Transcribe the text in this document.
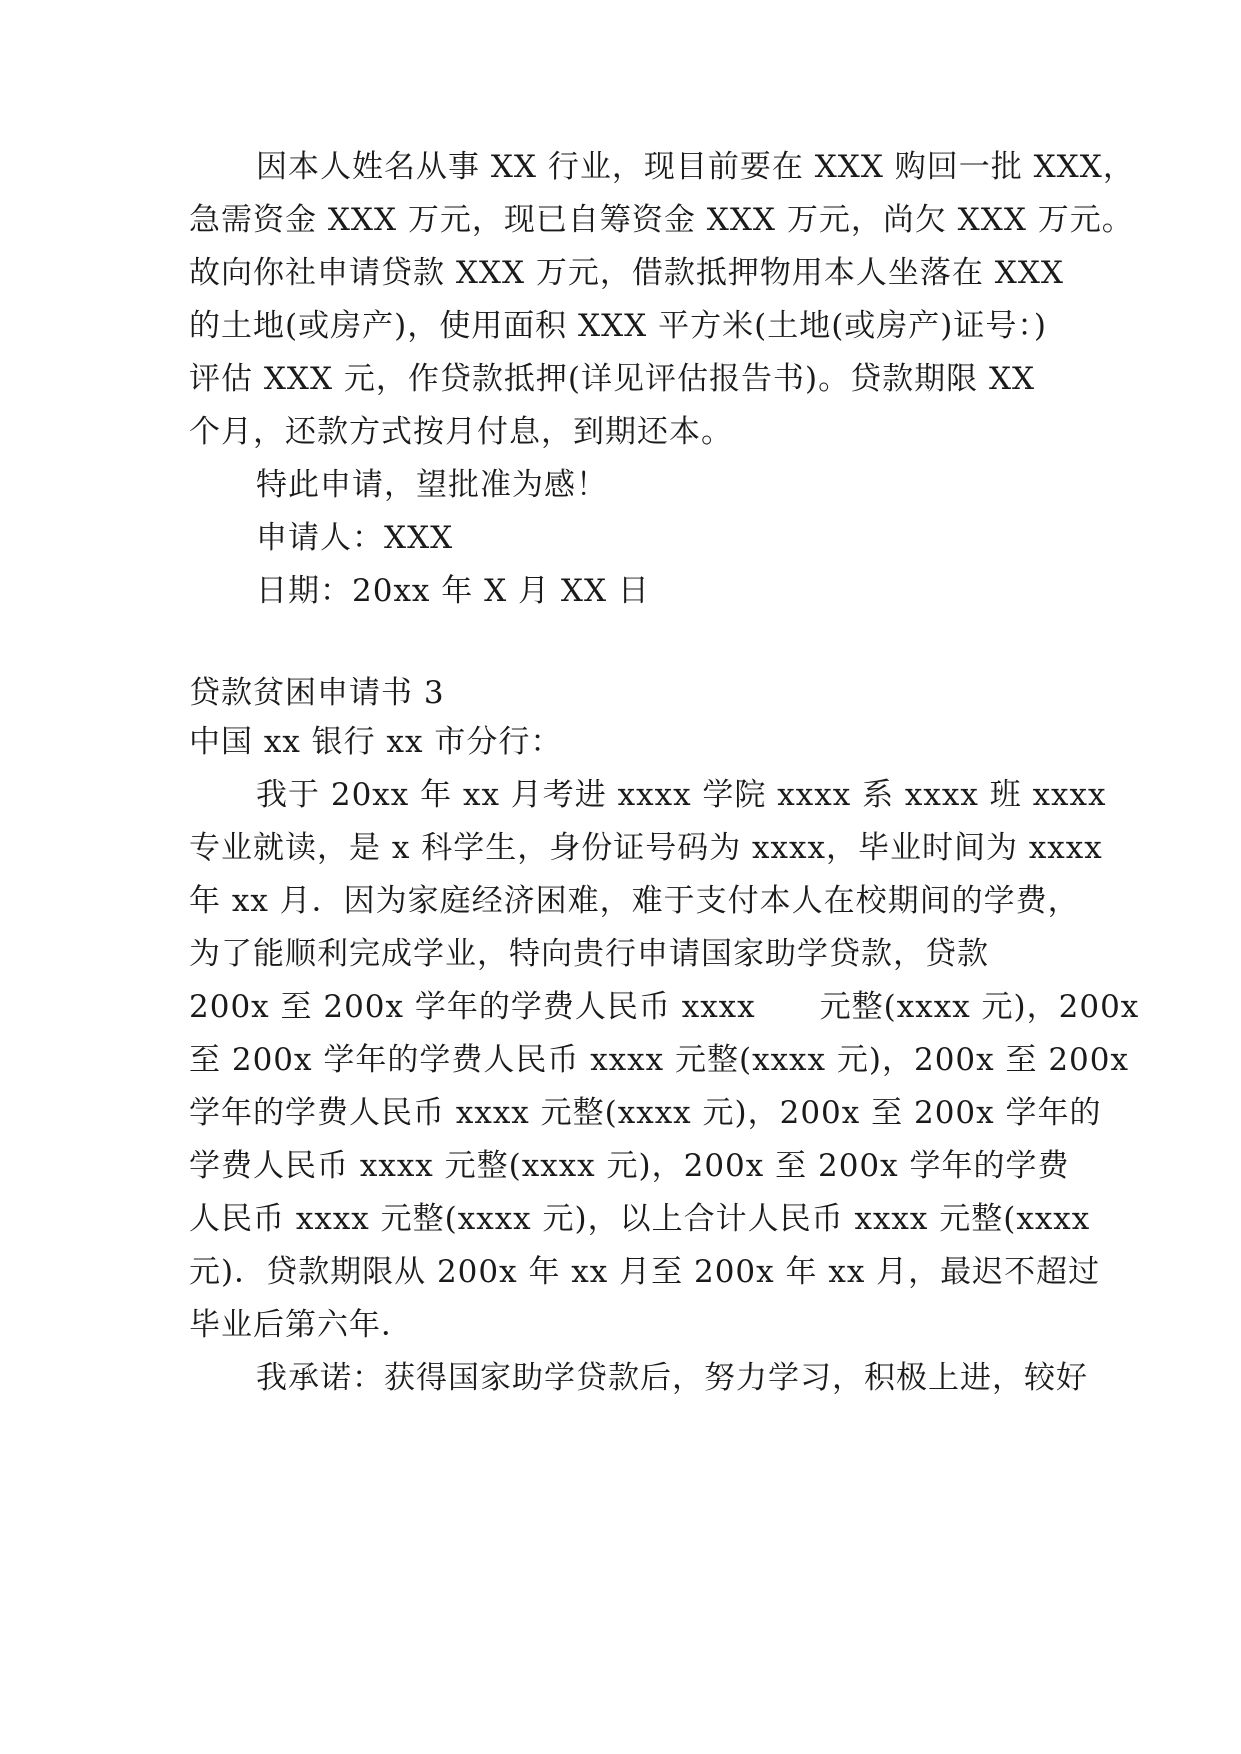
因本人姓名从事 XX 行业，现目前要在 XXX 购回一批 XXX，
急需资金 XXX 万元，现已自筹资金 XXX 万元，尚欠 XXX 万元。
故向你社申请贷款 XXX 万元，借款抵押物用本人坐落在 XXX
的土地(或房产)，使用面积 XXX 平方米(土地(或房产)证号：)
评估 XXX 元，作贷款抵押(详见评估报告书)。贷款期限 XX
个月，还款方式按月付息，到期还本。
特此申请，望批准为感！
申请人：XXX
日期：20xx 年 X 月 XX 日
贷款贫困申请书 3
中国 xx 银行 xx 市分行：
我于 20xx 年 xx 月考进 xxxx 学院 xxxx 系 xxxx 班 xxxx
专业就读，是 x 科学生，身份证号码为 xxxx，毕业时间为 xxxx
年 xx 月．因为家庭经济困难，难于支付本人在校期间的学费，
为了能顺利完成学业，特向贵行申请国家助学贷款，贷款
200x 至 200x 学年的学费人民币 xxxx　　元整(xxxx 元)，200x
至 200x 学年的学费人民币 xxxx 元整(xxxx 元)，200x 至 200x
学年的学费人民币 xxxx 元整(xxxx 元)，200x 至 200x 学年的
学费人民币 xxxx 元整(xxxx 元)，200x 至 200x 学年的学费
人民币 xxxx 元整(xxxx 元)，以上合计人民币 xxxx 元整(xxxx
元)．贷款期限从 200x 年 xx 月至 200x 年 xx 月，最迟不超过
毕业后第六年．
我承诺：获得国家助学贷款后，努力学习，积极上进，较好
